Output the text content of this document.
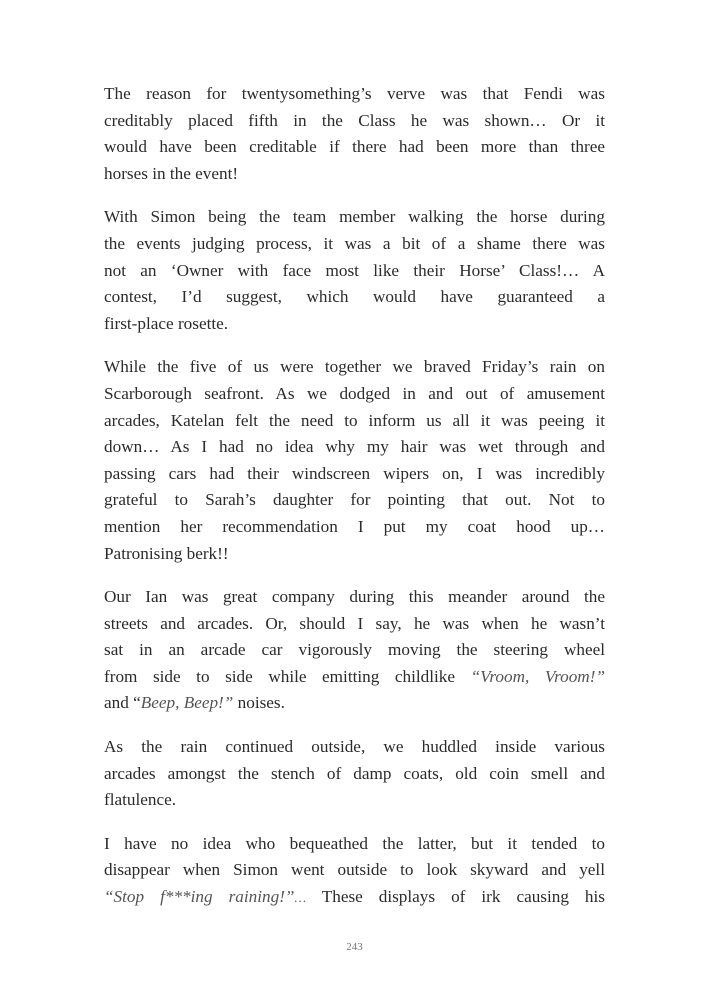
The reason for twentysomething’s verve was that Fendi was
creditably placed fifth in the Class he was shown… Or it
would have been creditable if there had been more than three
horses in the event!
With Simon being the team member walking the horse during
the events judging process, it was a bit of a shame there was
not an ‘Owner with face most like their Horse’ Class!… A
contest, I’d suggest, which would have guaranteed a
first-place rosette.
While the five of us were together we braved Friday’s rain on
Scarborough seafront. As we dodged in and out of amusement
arcades, Katelan felt the need to inform us all it was peeing it
down… As I had no idea why my hair was wet through and
passing cars had their windscreen wipers on, I was incredibly
grateful to Sarah’s daughter for pointing that out. Not to
mention her recommendation I put my coat hood up…
Patronising berk!!
Our Ian was great company during this meander around the
streets and arcades. Or, should I say, he was when he wasn’t
sat in an arcade car vigorously moving the steering wheel
from side to side while emitting childlike “Vroom, Vroom!”
and “Beep, Beep!” noises.
As the rain continued outside, we huddled inside various
arcades amongst the stench of damp coats, old coin smell and
flatulence.
I have no idea who bequeathed the latter, but it tended to
disappear when Simon went outside to look skyward and yell
“Stop f***ing raining!”… These displays of irk causing his
243
